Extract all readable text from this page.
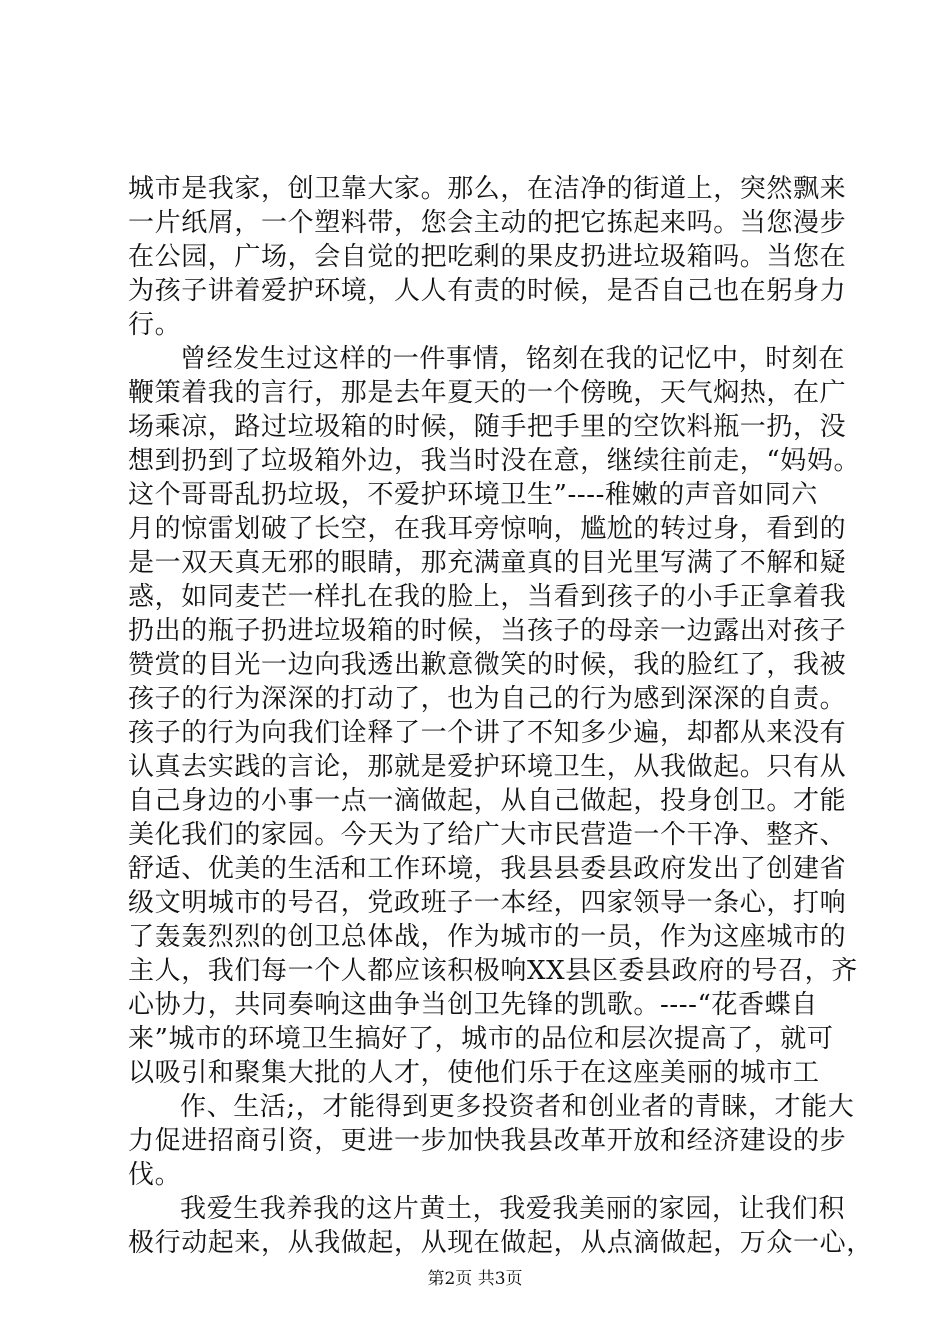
城市是我家，创卫靠大家。那么，在洁净的街道上，突然飘来
一片纸屑，一个塑料带，您会主动的把它拣起来吗。当您漫步
在公园，广场，会自觉的把吃剩的果皮扔进垃圾箱吗。当您在
为孩子讲着爱护环境，人人有责的时候，是否自己也在躬身力
行。
曾经发生过这样的一件事情，铭刻在我的记忆中，时刻在
鞭策着我的言行，那是去年夏天的一个傍晚，天气焖热，在广
场乘凉，路过垃圾箱的时候，随手把手里的空饮料瓶一扔，没
想到扔到了垃圾箱外边，我当时没在意，继续往前走，“妈妈。
这个哥哥乱扔垃圾，不爱护环境卫生”----稚嫩的声音如同六
月的惊雷划破了长空，在我耳旁惊响，尴尬的转过身，看到的
是一双天真无邪的眼睛，那充满童真的目光里写满了不解和疑
惑，如同麦芒一样扎在我的脸上，当看到孩子的小手正拿着我
扔出的瓶子扔进垃圾箱的时候，当孩子的母亲一边露出对孩子
赞赏的目光一边向我透出歉意微笑的时候，我的脸红了，我被
孩子的行为深深的打动了，也为自己的行为感到深深的自责。
孩子的行为向我们诠释了一个讲了不知多少遍，却都从来没有
认真去实践的言论，那就是爱护环境卫生，从我做起。只有从
自己身边的小事一点一滴做起，从自己做起，投身创卫。才能
美化我们的家园。今天为了给广大市民营造一个干净、整齐、
舒适、优美的生活和工作环境，我县县委县政府发出了创建省
级文明城市的号召，党政班子一本经，四家领导一条心，打响
了轰轰烈烈的创卫总体战，作为城市的一员，作为这座城市的
主人，我们每一个人都应该积极响XX县区委县政府的号召，齐
心协力，共同奏响这曲争当创卫先锋的凯歌。----“花香蝶自
来”城市的环境卫生搞好了，城市的品位和层次提高了，就可
以吸引和聚集大批的人才，使他们乐于在这座美丽的城市工
作、生活;，才能得到更多投资者和创业者的青睐，才能大
力促进招商引资，更进一步加快我县改革开放和经济建设的步
伐。
我爱生我养我的这片黄土，我爱我美丽的家园，让我们积
极行动起来，从我做起，从现在做起，从点滴做起，万众一心，
第2页 共3页
